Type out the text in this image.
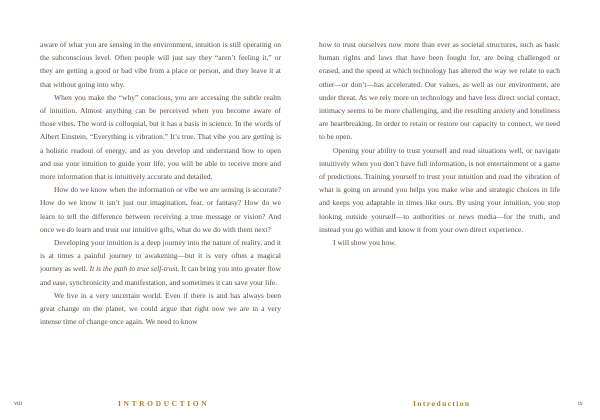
aware of what you are sensing in the environment, intuition is still operating on the subconscious level. Often people will just say they “aren’t feeling it,” or they are getting a good or bad vibe from a place or person, and they leave it at that without going into why.

When you make the “why” conscious, you are accessing the subtle realm of intuition. Almost anything can be perceived when you become aware of those vibes. The word is colloquial, but it has a basis in science. In the words of Albert Einstein, “Everything is vibration.” It’s true. That vibe you are getting is a holistic readout of energy, and as you develop and understand how to open and use your intuition to guide your life, you will be able to receive more and more information that is intuitively accurate and detailed.

How do we know when the information or vibe we are sensing is accurate? How do we know it isn’t just our imagination, fear, or fantasy? How do we learn to tell the difference between receiving a true message or vision? And once we do learn and trust our intuitive gifts, what do we do with them next?

Developing your intuition is a deep journey into the nature of reality, and it is at times a painful journey to awakening—but it is very often a magical journey as well. It is the path to true self-trust. It can bring you into greater flow and ease, synchronicity and manifestation, and sometimes it can save your life.

We live in a very uncertain world. Even if there is and has always been great change on the planet, we could argue that right now we are in a very intense time of change once again. We need to know

how to trust ourselves now more than ever as societal structures, such as basic human rights and laws that have been fought for, are being challenged or erased, and the speed at which technology has altered the way we relate to each other—or don’t—has accelerated. Our values, as well as our environment, are under threat. As we rely more on technology and have less direct social contact, intimacy seems to be more challenging, and the resulting anxiety and loneliness are heartbreaking. In order to retain or restore our capacity to connect, we need to be open.

Opening your ability to trust yourself and read situations well, or navigate intuitively when you don’t have full information, is not entertainment or a game of predictions. Training yourself to trust your intuition and read the vibration of what is going on around you helps you make wise and strategic choices in life and keeps you adaptable in times like ours. By using your intuition, you stop looking outside yourself—to authorities or news media—for the truth, and instead you go within and know it from your own direct experience.

I will show you how.

viii	INTRODUCTION	Introduction	ix
